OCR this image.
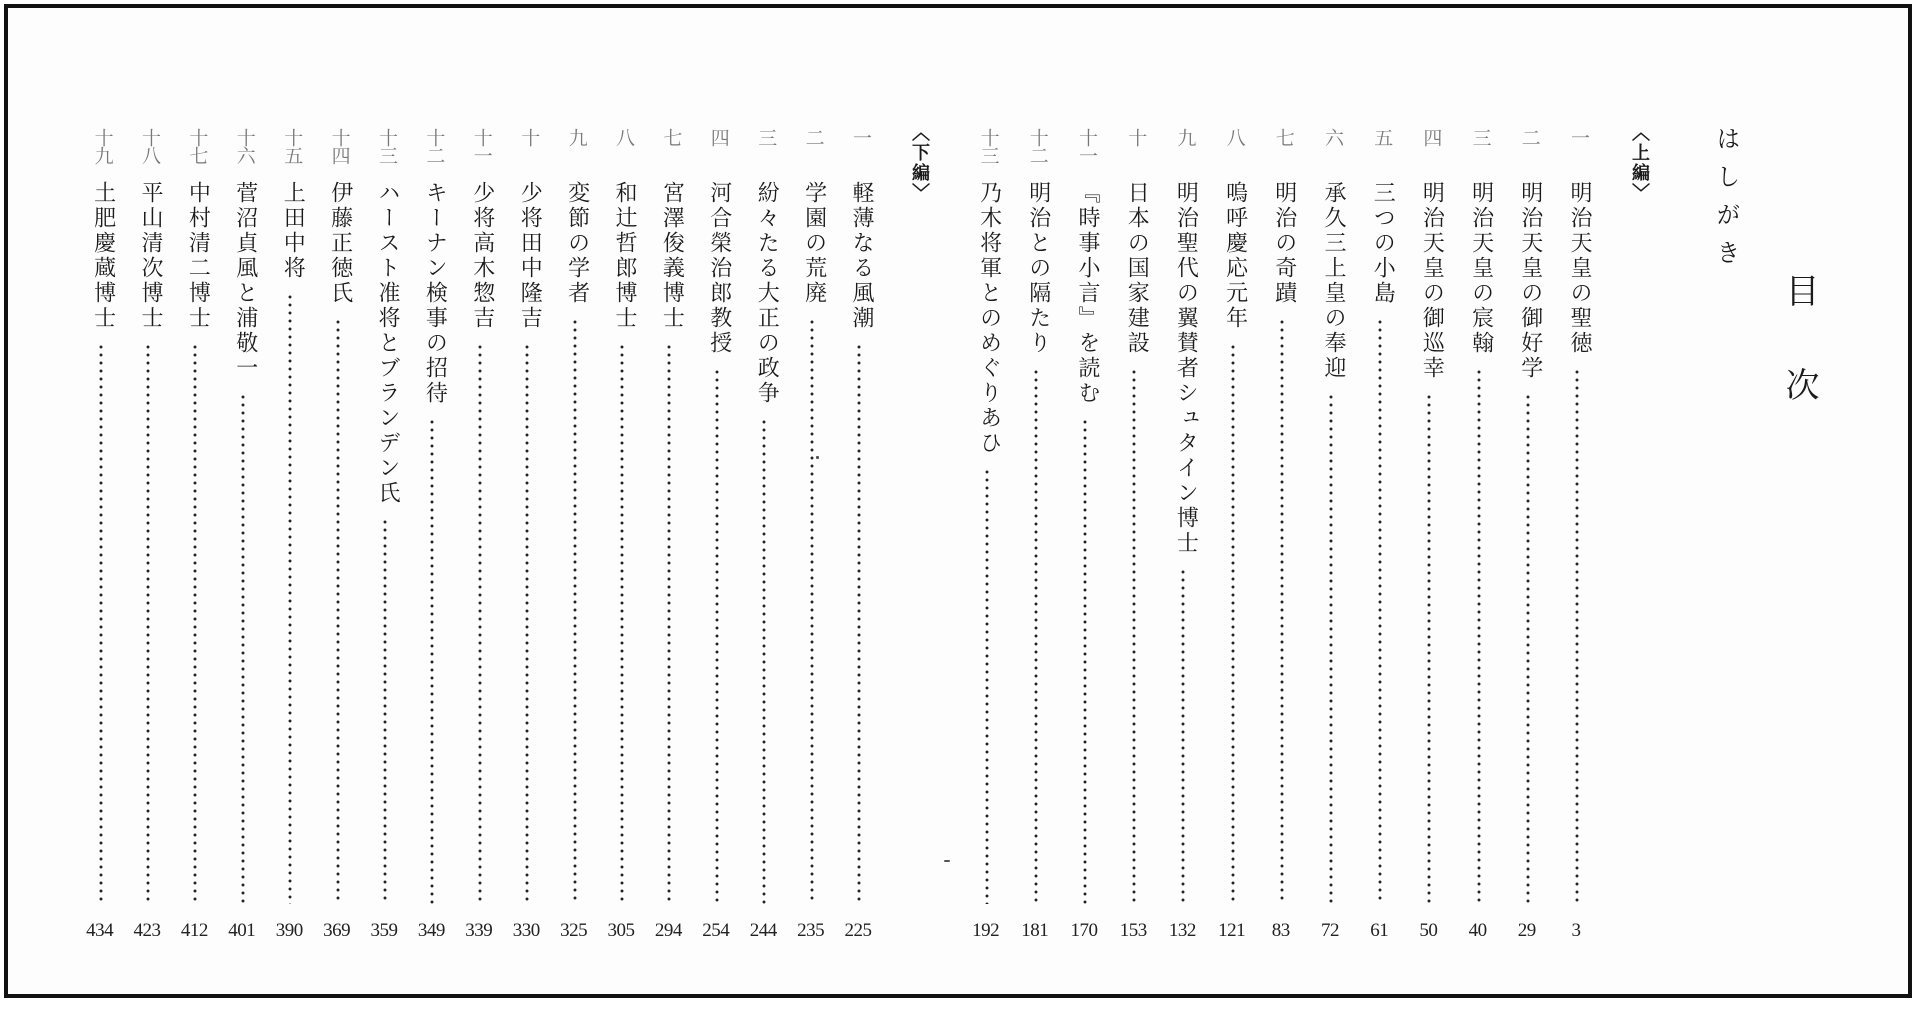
目次
はしがき
〈上編〉
〈下編〉	一
明治天皇の聖徳
3
二
明治天皇の御好学
29
三
明治天皇の宸翰
40
四
明治天皇の御巡幸
50
五
三つの小島
61
六
承久三上皇の奉迎
72
七
明治の奇蹟
83
八
嗚呼慶応元年
121
九
明治聖代の翼賛者シュタイン博士
132
十
日本の国家建設
153
十一
『時事小言』を読む
170
十二
明治との隔たり
181
十三
乃木将軍とのめぐりあひ
192
一
軽薄なる風潮
225
二
学園の荒廃
235
三
紛々たる大正の政争
244
四
河合榮治郎教授
254
七
宮澤俊義博士
294
八
和辻哲郎博士
305
九
変節の学者
325
十
少将田中隆吉
330
十一
少将高木惣吉
339
十二
キーナン検事の招待
349
十三
ハースト准将とブランデン氏
359
十四
伊藤正徳氏
369
十五
上田中将
390
十六
菅沼貞風と浦敬一
401
十七
中村清二博士
412
十八
平山清次博士
423
十九
土肥慶蔵博士
434
